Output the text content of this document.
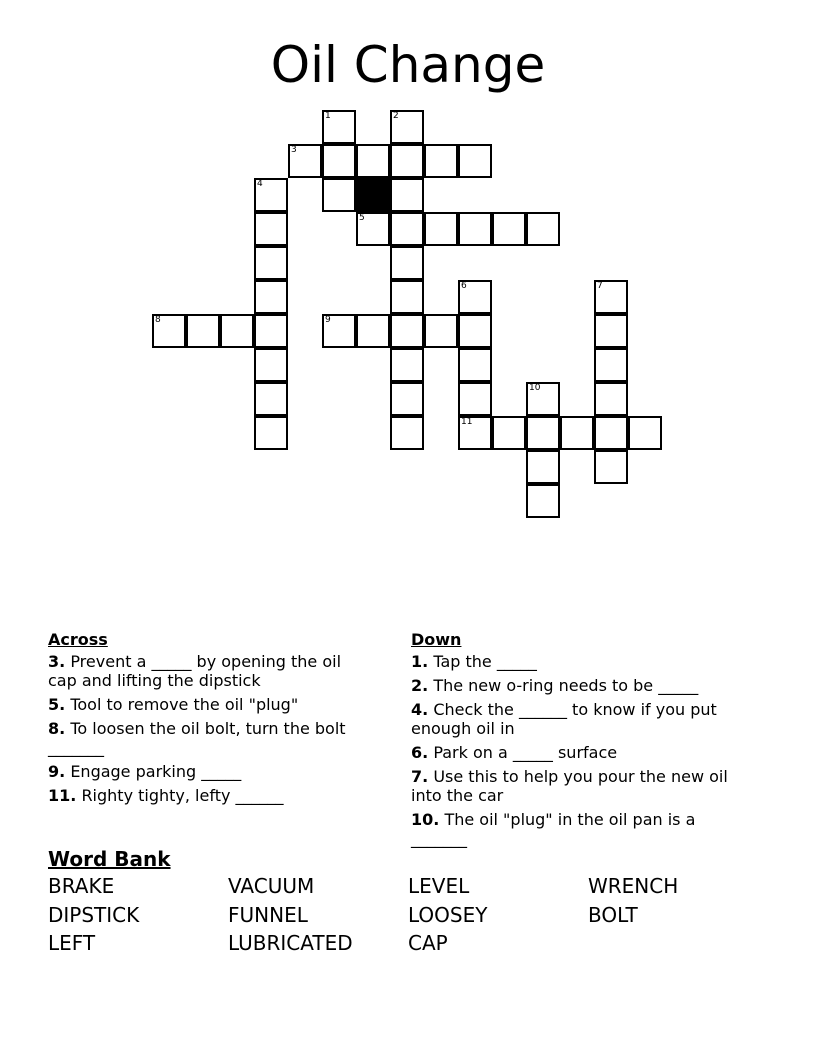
Oil Change
1	2
3
4
5
6	7
8	9
10
11
Across
3. Prevent a _____ by opening the oil cap and lifting the dipstick
5. Tool to remove the oil "plug"
8. To loosen the oil bolt, turn the bolt _______
9. Engage parking _____
11. Righty tighty, lefty ______
Down
1. Tap the _____
2. The new o-ring needs to be _____
4. Check the ______ to know if you put enough oil in
6. Park on a _____ surface
7. Use this to help you pour the new oil into the car
10. The oil "plug" in the oil pan is a _______
Word Bank
BRAKE	VACUUM	LEVEL	WRENCH
DIPSTICK	FUNNEL	LOOSEY	BOLT
LEFT	LUBRICATED	CAP
